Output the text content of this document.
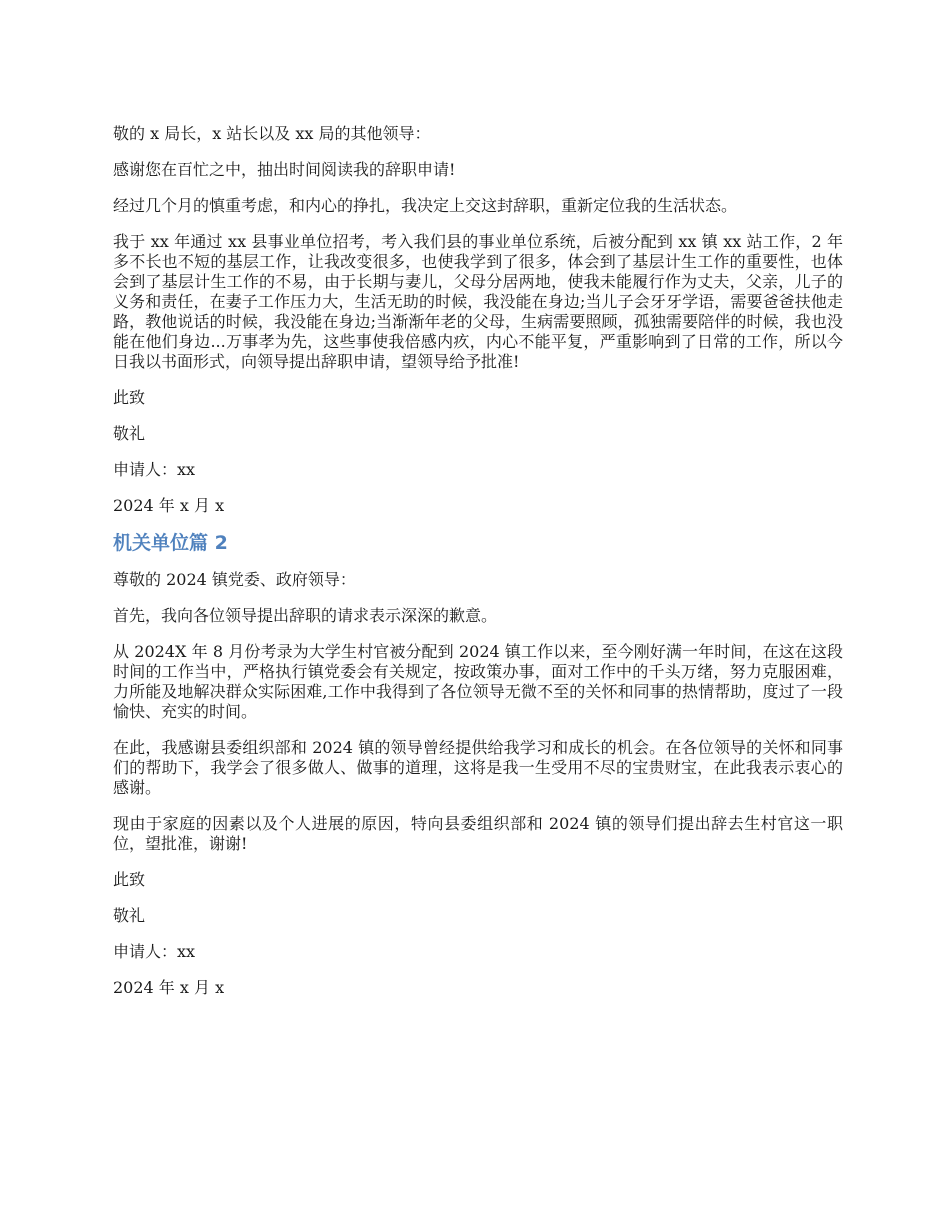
敬的 x 局长，x 站长以及 xx 局的其他领导：

感谢您在百忙之中，抽出时间阅读我的辞职申请!

经过几个月的慎重考虑，和内心的挣扎，我决定上交这封辞职，重新定位我的生活状态。

我于 xx 年通过 xx 县事业单位招考，考入我们县的事业单位系统，后被分配到 xx 镇 xx 站工作，2 年多不长也不短的基层工作，让我改变很多，也使我学到了很多，体会到了基层计生工作的重要性，也体会到了基层计生工作的不易，由于长期与妻儿，父母分居两地，使我未能履行作为丈夫，父亲，儿子的义务和责任，在妻子工作压力大，生活无助的时候，我没能在身边;当儿子会牙牙学语，需要爸爸扶他走路，教他说话的时候，我没能在身边;当渐渐年老的父母，生病需要照顾，孤独需要陪伴的时候，我也没能在他们身边...万事孝为先，这些事使我倍感内疚，内心不能平复，严重影响到了日常的工作，所以今日我以书面形式，向领导提出辞职申请，望领导给予批准!

此致

敬礼

申请人：xx

2024 年 x 月 x

机关单位篇 2

尊敬的 2024 镇党委、政府领导：

首先，我向各位领导提出辞职的请求表示深深的歉意。

从 2024X 年 8 月份考录为大学生村官被分配到 2024 镇工作以来，至今刚好满一年时间，在这在这段时间的工作当中，严格执行镇党委会有关规定，按政策办事，面对工作中的千头万绪，努力克服困难，力所能及地解决群众实际困难,工作中我得到了各位领导无微不至的关怀和同事的热情帮助，度过了一段愉快、充实的时间。

在此，我感谢县委组织部和 2024 镇的领导曾经提供给我学习和成长的机会。在各位领导的关怀和同事们的帮助下，我学会了很多做人、做事的道理，这将是我一生受用不尽的宝贵财宝，在此我表示衷心的感谢。

现由于家庭的因素以及个人进展的原因，特向县委组织部和 2024 镇的领导们提出辞去生村官这一职位，望批准，谢谢!

此致

敬礼

申请人：xx

2024 年 x 月 x
